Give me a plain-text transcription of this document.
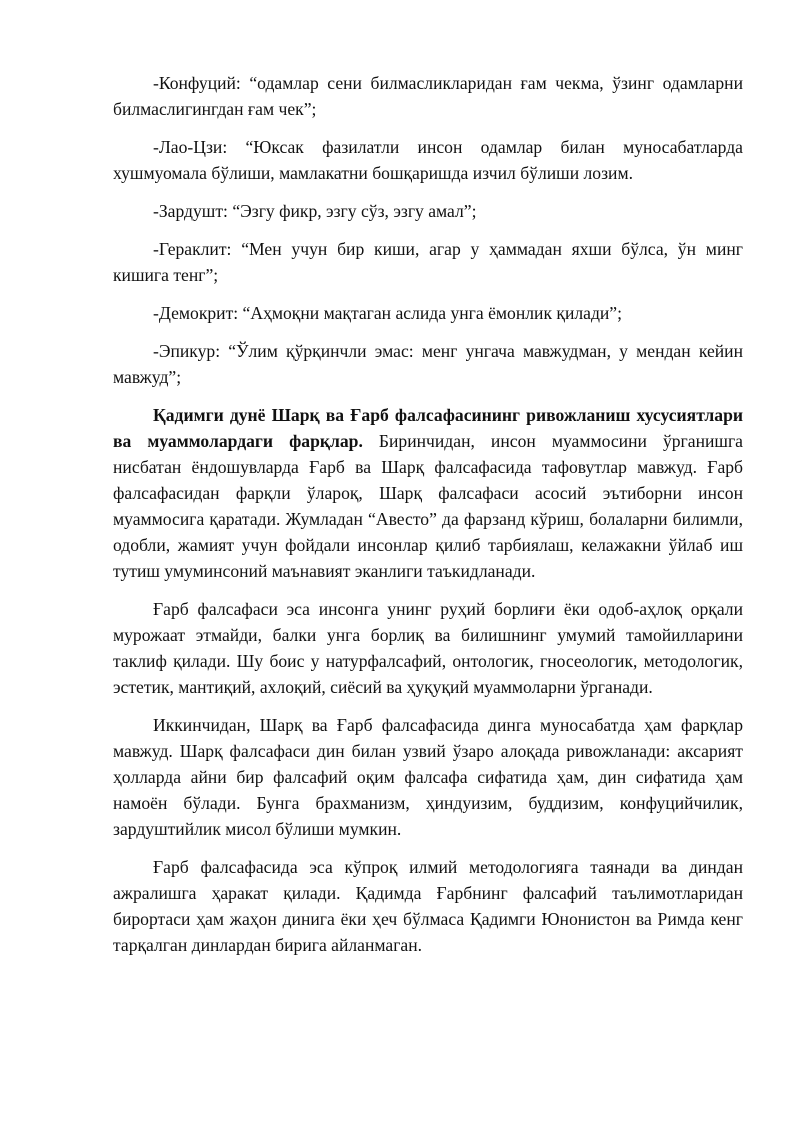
-Конфуций: “одамлар сени билмасликларидан ғам чекма, ўзинг одамларни билмаслигингдан ғам чек”;

-Лао-Цзи: “Юксак фазилатли инсон одамлар билан муносабатларда хушмуомала бўлиши, мамлакатни бошқаришда изчил бўлиши лозим.

-Зардушт: “Эзгу фикр, эзгу сўз, эзгу амал”;

-Гераклит: “Мен учун бир киши, агар у ҳаммадан яхши бўлса, ўн минг кишига тенг”;

-Демокрит: “Аҳмоқни мақтаган аслида унга ёмонлик қилади”;

-Эпикур: “Ўлим қўрқинчли эмас: менг унгача мавжудман, у мендан кейин мавжуд”;

Қадимги дунё Шарқ ва Ғарб фалсафасининг ривожланиш хусусиятлари ва муаммолардаги фарқлар. Биринчидан, инсон муаммосини ўрганишга нисбатан ёндошувларда Ғарб ва Шарқ фалсафасида тафовутлар мавжуд. Ғарб фалсафасидан фарқли ўлароқ, Шарқ фалсафаси асосий эътиборни инсон муаммосига қаратади. Жумладан “Авесто” да фарзанд кўриш, болаларни билимли, одобли, жамият учун фойдали инсонлар қилиб тарбиялаш, келажакни ўйлаб иш тутиш умуминсоний маънавият эканлиги таъкидланади.

Ғарб фалсафаси эса инсонга унинг руҳий борлиғи ёки одоб-аҳлоқ орқали мурожаат этмайди, балки унга борлиқ ва билишнинг умумий тамойилларини таклиф қилади. Шу боис у натурфалсафий, онтологик, гносеологик, методологик, эстетик, мантиқий, ахлоқий, сиёсий ва ҳуқуқий муаммоларни ўрганади.

Иккинчидан, Шарқ ва Ғарб фалсафасида динга муносабатда ҳам фарқлар мавжуд. Шарқ фалсафаси дин билан узвий ўзаро алоқада ривожланади: аксарият ҳолларда айни бир фалсафий оқим фалсафа сифатида ҳам, дин сифатида ҳам намоён бўлади. Бунга брахманизм, ҳиндуизим, буддизим, конфуцийчилик, зардуштийлик мисол бўлиши мумкин.

Ғарб фалсафасида эса кўпроқ илмий методологияга таянади ва диндан ажралишга ҳаракат қилади. Қадимда Ғарбнинг фалсафий таълимотларидан бирортаси ҳам жаҳон динига ёки ҳеч бўлмаса Қадимги Юнонистон ва Римда кенг тарқалган динлардан бирига айланмаган.
